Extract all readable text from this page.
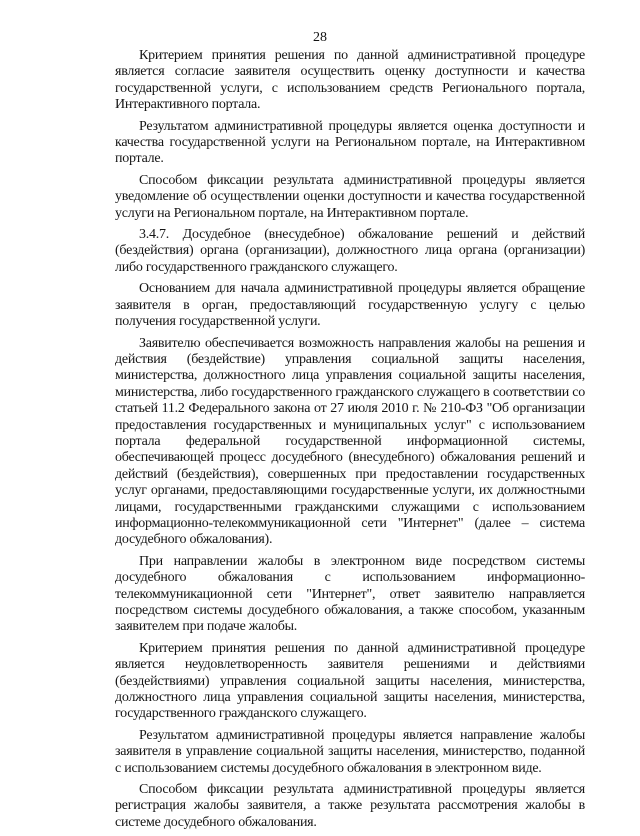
28

Критерием принятия решения по данной административной процедуре является согласие заявителя осуществить оценку доступности и качества государственной услуги, с использованием средств Регионального портала, Интерактивного портала.

Результатом административной процедуры является оценка доступности и качества государственной услуги на Региональном портале, на Интерактивном портале.

Способом фиксации результата административной процедуры является уведомление об осуществлении оценки доступности и качества государственной услуги на Региональном портале, на Интерактивном портале.

3.4.7. Досудебное (внесудебное) обжалование решений и действий (бездействия) органа (организации), должностного лица органа (организации) либо государственного гражданского служащего.

Основанием для начала административной процедуры является обращение заявителя в орган, предоставляющий государственную услугу с целью получения государственной услуги.

Заявителю обеспечивается возможность направления жалобы на решения и действия (бездействие) управления социальной защиты населения, министерства, должностного лица управления социальной защиты населения, министерства, либо государственного гражданского служащего в соответствии со статьей 11.2 Федерального закона от 27 июля 2010 г. № 210-ФЗ "Об организации предоставления государственных и муниципальных услуг" с использованием портала федеральной государственной информационной системы, обеспечивающей процесс досудебного (внесудебного) обжалования решений и действий (бездействия), совершенных при предоставлении государственных услуг органами, предоставляющими государственные услуги, их должностными лицами, государственными гражданскими служащими с использованием информационно-телекоммуникационной сети "Интернет" (далее – система досудебного обжалования).

При направлении жалобы в электронном виде посредством системы досудебного обжалования с использованием информационно-телекоммуникационной сети "Интернет", ответ заявителю направляется посредством системы досудебного обжалования, а также способом, указанным заявителем при подаче жалобы.

Критерием принятия решения по данной административной процедуре является неудовлетворенность заявителя решениями и действиями (бездействиями) управления социальной защиты населения, министерства, должностного лица управления социальной защиты населения, министерства, государственного гражданского служащего.

Результатом административной процедуры является направление жалобы заявителя в управление социальной защиты населения, министерство, поданной с использованием системы досудебного обжалования в электронном виде.

Способом фиксации результата административной процедуры является регистрация жалобы заявителя, а также результата рассмотрения жалобы в системе досудебного обжалования.
